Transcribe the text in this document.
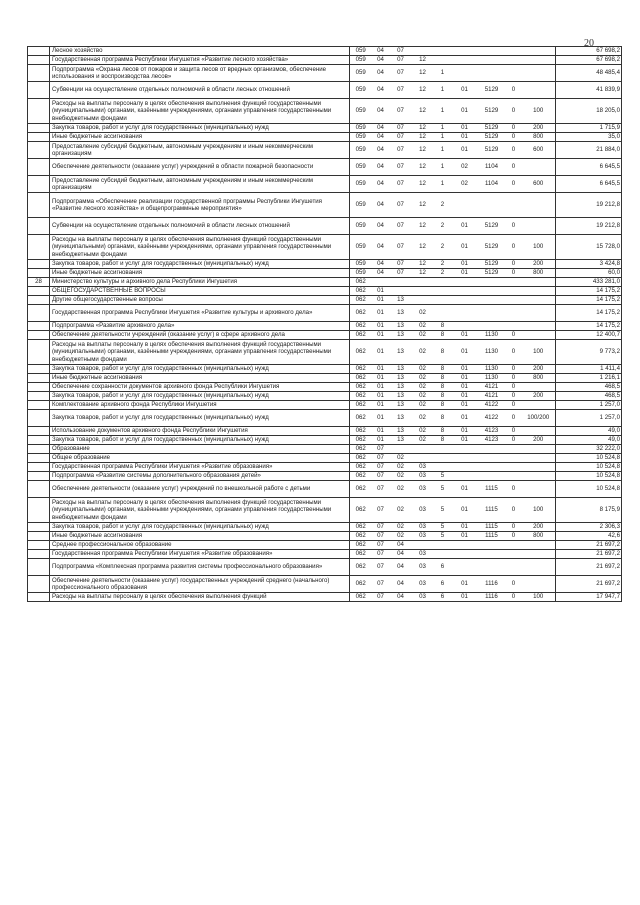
20
	Лесное хозяйство	059	04	07							67 698,2
	Государственная программа Республики Ингушетия «Развитие лесного хозяйства»	059	04	07	12						67 698,2
	Подпрограмма «Охрана лесов от пожаров и защита лесов от вредных организмов, обеспечение использования и воспроизводства лесов»	059	04	07	12	1					48 485,4
	Субвенции на осуществление отдельных полномочий в области лесных отношений	059	04	07	12	1	01	5129	0		41 839,9
	Расходы на выплаты персоналу в целях обеспечения выполнения функций государственными (муниципальными) органами, казёнными учреждениями, органами управления государственными внебюджетными фондами	059	04	07	12	1	01	5129	0	100	18 205,0
	Закупка товаров, работ и услуг для государственных (муниципальных) нужд	059	04	07	12	1	01	5129	0	200	1 715,9
	Иные бюджетные ассигнования	059	04	07	12	1	01	5129	0	800	35,0
	Предоставление субсидий бюджетным, автономным учреждениям и иным некоммерческим организациям	059	04	07	12	1	01	5129	0	600	21 884,0
	Обеспечение деятельности (оказание услуг) учреждений в области пожарной безопасности	059	04	07	12	1	02	1104	0		6 645,5
	Предоставление субсидий бюджетным, автономным учреждениям и иным некоммерческим организациям	059	04	07	12	1	02	1104	0	600	6 645,5
	Подпрограмма «Обеспечение реализации государственной программы Республики Ингушетия «Развитие лесного хозяйства» и общепрограммные мероприятия»	059	04	07	12	2					19 212,8
	Субвенции на осуществление отдельных полномочий в области лесных отношений	059	04	07	12	2	01	5129	0		19 212,8
	Расходы на выплаты персоналу в целях обеспечения выполнения функций государственными (муниципальными) органами, казёнными учреждениями, органами управления государственными внебюджетными фондами	059	04	07	12	2	01	5129	0	100	15 728,0
	Закупка товаров, работ и услуг для государственных (муниципальных) нужд	059	04	07	12	2	01	5129	0	200	3 424,8
	Иные бюджетные ассигнования	059	04	07	12	2	01	5129	0	800	60,0
28	Министерство культуры и архивного дела Республики Ингушетия	062									433 281,0
	ОБЩЕГОСУДАРСТВЕННЫЕ ВОПРОСЫ	062	01								14 175,2
	Другие общегосударственные вопросы	062	01	13							14 175,2
	Государственная программа Республики Ингушетия «Развитие культуры и архивного дела»	062	01	13	02						14 175,2
	Подпрограмма «Развитие архивного дела»	062	01	13	02	8					14 175,2
	Обеспечение деятельности учреждений (оказание услуг) в сфере архивного дела	062	01	13	02	8	01	1130	0		12 400,7
	Расходы на выплаты персоналу в целях обеспечения выполнения функций государственными (муниципальными) органами, казёнными учреждениями, органами управления государственными внебюджетными фондами	062	01	13	02	8	01	1130	0	100	9 773,2
	Закупка товаров, работ и услуг для государственных (муниципальных) нужд	062	01	13	02	8	01	1130	0	200	1 411,4
	Иные бюджетные ассигнования	062	01	13	02	8	01	1130	0	800	1 216,1
	Обеспечение сохранности документов архивного фонда Республики Ингушетия	062	01	13	02	8	01	4121	0		468,5
	Закупка товаров, работ и услуг для государственных (муниципальных) нужд	062	01	13	02	8	01	4121	0	200	468,5
	Комплектование архивного фонда Республики Ингушетия	062	01	13	02	8	01	4122	0		1 257,0
	Закупка товаров, работ и услуг для государственных (муниципальных) нужд	062	01	13	02	8	01	4122	0	100/200	1 257,0
	Использование документов архивного фонда Республики Ингушетия	062	01	13	02	8	01	4123	0		49,0
	Закупка товаров, работ и услуг для государственных (муниципальных) нужд	062	01	13	02	8	01	4123	0	200	49,0
	Образование	062	07								32 222,0
	Общее образование	062	07	02							10 524,8
	Государственная программа Республики Ингушетия «Развитие образования»	062	07	02	03						10 524,8
	Подпрограмма «Развитие системы дополнительного образования детей»	062	07	02	03	5					10 524,8
	Обеспечение деятельности (оказание услуг) учреждений по внешкольной работе с детьми	062	07	02	03	5	01	1115	0		10 524,8
	Расходы на выплаты персоналу в целях обеспечения выполнения функций государственными (муниципальными) органами, казёнными учреждениями, органами управления государственными внебюджетными фондами	062	07	02	03	5	01	1115	0	100	8 175,9
	Закупка товаров, работ и услуг для государственных (муниципальных) нужд	062	07	02	03	5	01	1115	0	200	2 306,3
	Иные бюджетные ассигнования	062	07	02	03	5	01	1115	0	800	42,6
	Среднее профессиональное образование	062	07	04							21 697,2
	Государственная программа Республики Ингушетия «Развитие образования»	062	07	04	03						21 697,2
	Подпрограмма «Комплексная программа развития системы профессионального образования»	062	07	04	03	6					21 697,2
	Обеспечение деятельности (оказание услуг) государственных учреждений среднего (начального) профессионального образования	062	07	04	03	6	01	1116	0		21 697,2
	Расходы на выплаты персоналу в целях обеспечения выполнения функций	062	07	04	03	6	01	1116	0	100	17 947,7
